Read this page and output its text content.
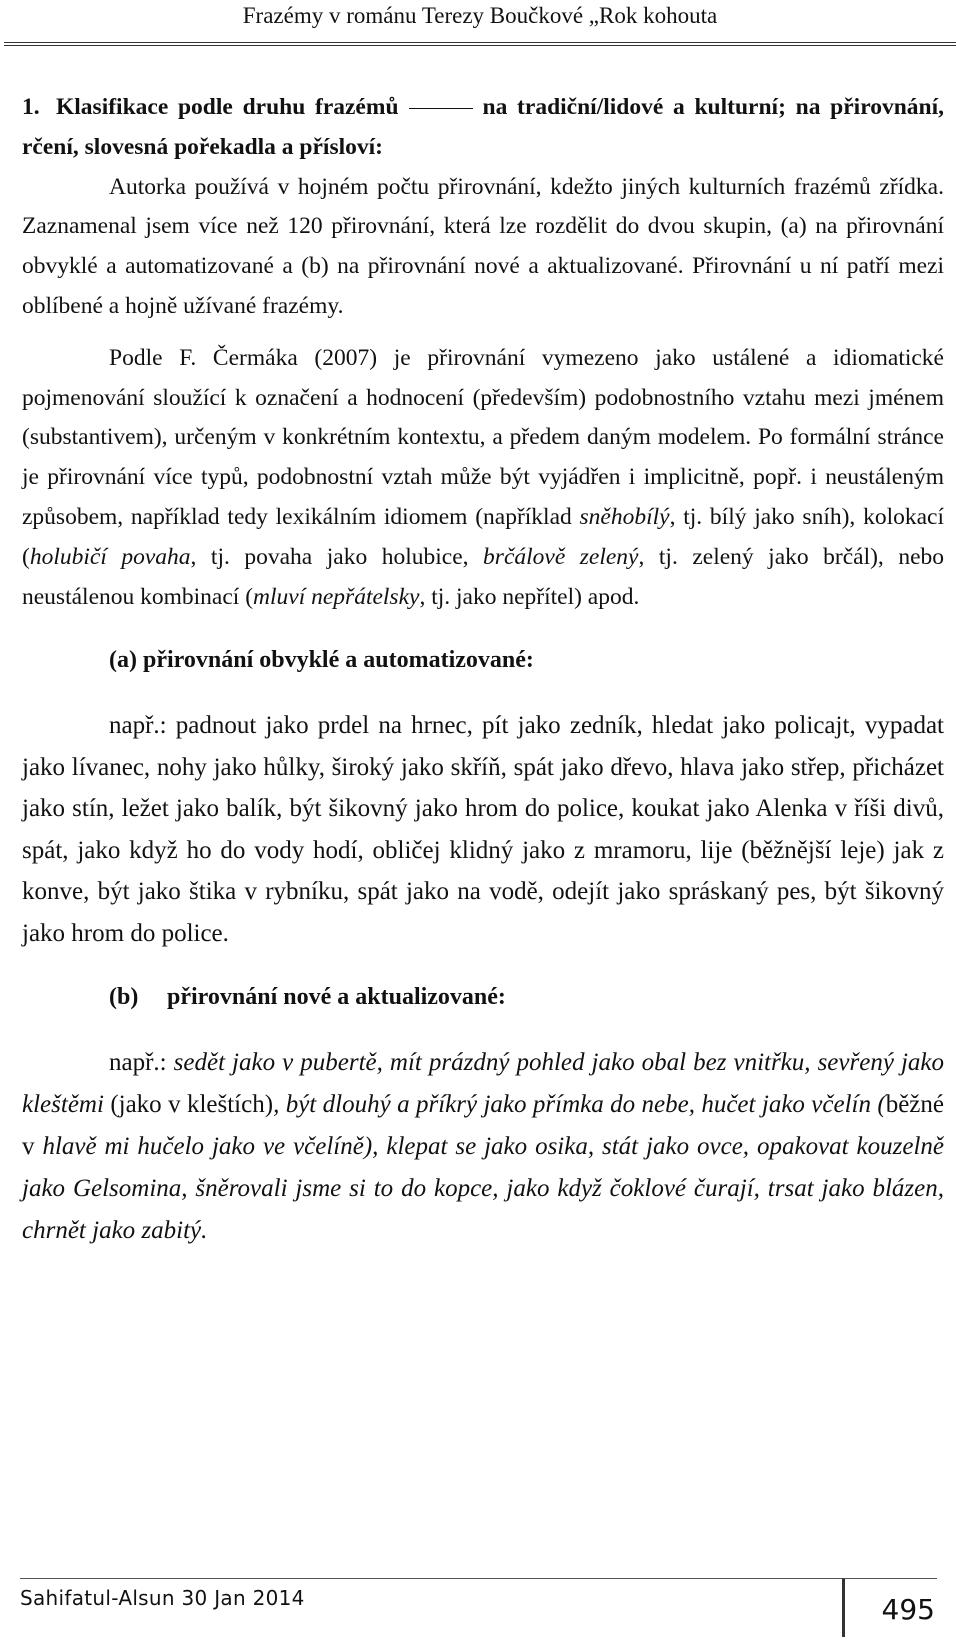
Frazémy v románu Terezy Boučkové „Rok kohouta

1. Klasifikace podle druhu frazémů	na tradiční/lidové a kulturní; na přirovnání, rčení, slovesná pořekadla a přísloví:

Autorka používá v hojném počtu přirovnání, kdežto jiných kulturních frazémů zřídka. Zaznamenal jsem více než 120 přirovnání, která lze rozdělit do dvou skupin, (a) na přirovnání obvyklé a automatizované a (b) na přirovnání nové a aktualizované. Přirovnání u ní patří mezi oblíbené a hojně užívané frazémy.

Podle F. Čermáka (2007) je přirovnání vymezeno jako ustálené a idiomatické pojmenování sloužící k označení a hodnocení (především) podobnostního vztahu mezi jménem (substantivem), určeným v konkrétním kontextu, a předem daným modelem. Po formální stránce je přirovnání více typů, podobnostní vztah může být vyjádřen i implicitně, popř. i neustáleným způsobem, například tedy lexikálním idiomem (například sněhobílý, tj. bílý jako sníh), kolokací (holubičí povaha, tj. povaha jako holubice, brčálově zelený, tj. zelený jako brčál), nebo neustálenou kombinací (mluví nepřátelsky, tj. jako nepřítel) apod.

(a) přirovnání obvyklé a automatizované:

např.: padnout jako prdel na hrnec, pít jako zedník, hledat jako policajt, vypadat jako lívanec, nohy jako hůlky, široký jako skříň, spát jako dřevo, hlava jako střep, přicházet jako stín, ležet jako balík, být šikovný jako hrom do police, koukat jako Alenka v říši divů, spát, jako když ho do vody hodí, obličej klidný jako z mramoru, lije (běžnější leje) jak z konve, být jako štika v rybníku, spát jako na vodě, odejít jako spráskaný pes, být šikovný jako hrom do police.

(b) přirovnání nové a aktualizované:

např.: sedět jako v pubertě, mít prázdný pohled jako obal bez vnitřku, sevřený jako kleštěmi (jako v kleštích), být dlouhý a příkrý jako přímka do nebe, hučet jako včelín (běžné v hlavě mi hučelo jako ve včelíně), klepat se jako osika, stát jako ovce, opakovat kouzelně jako Gelsomina, šněrovali jsme si to do kopce, jako když čoklové čurají, trsat jako blázen, chrnět jako zabitý.

Sahifatul-Alsun 30 Jan 2014	495
